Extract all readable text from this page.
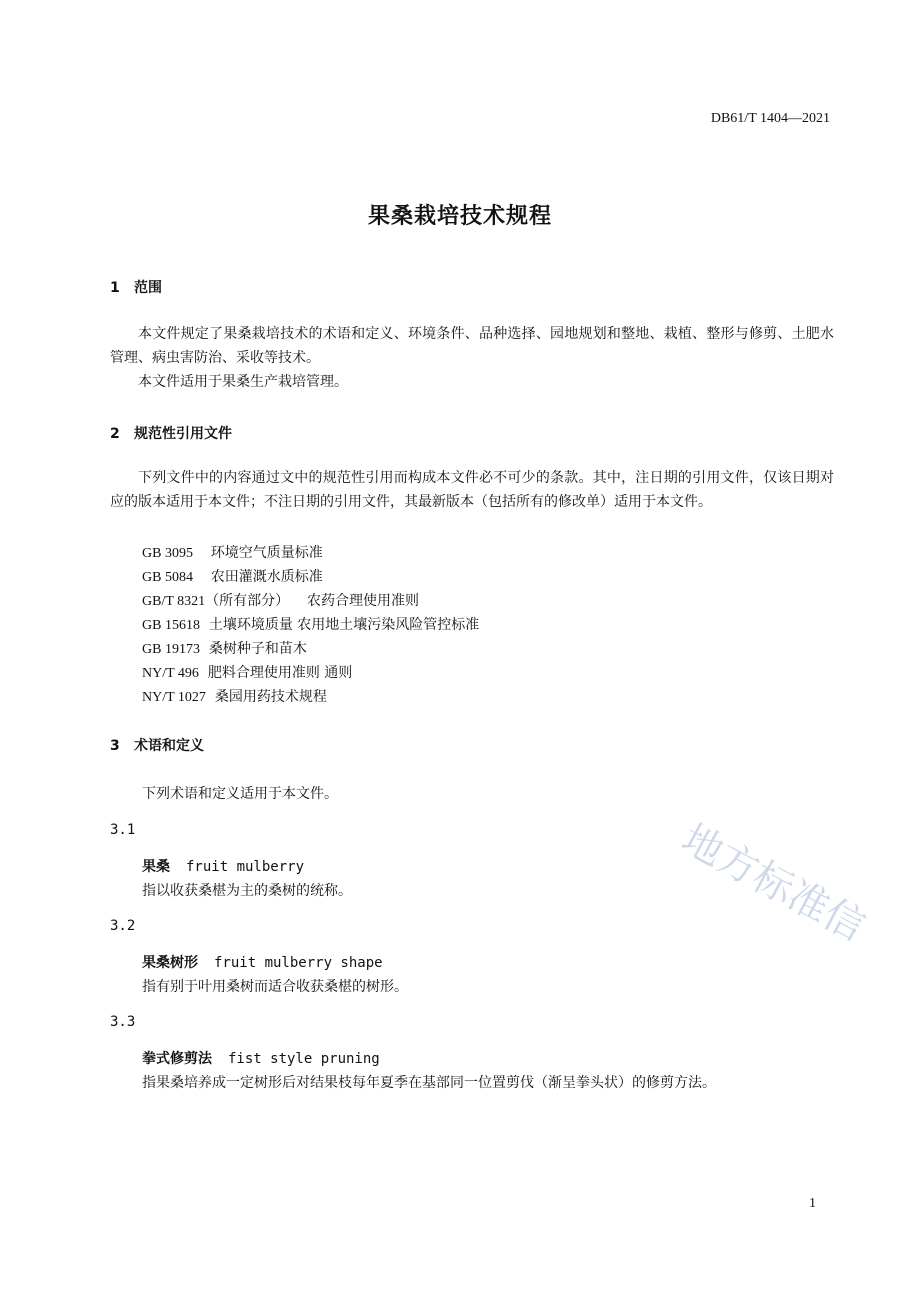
DB61/T 1404—2021
果桑栽培技术规程
1 范围
本文件规定了果桑栽培技术的术语和定义、环境条件、品种选择、园地规划和整地、栽植、整形与修剪、土肥水管理、病虫害防治、采收等技术。
本文件适用于果桑生产栽培管理。
2 规范性引用文件
下列文件中的内容通过文中的规范性引用而构成本文件必不可少的条款。其中，注日期的引用文件，仅该日期对应的版本适用于本文件；不注日期的引用文件，其最新版本（包括所有的修改单）适用于本文件。
GB 3095 环境空气质量标准
GB 5084 农田灌溉水质标准
GB/T 8321（所有部分） 农药合理使用准则
GB 15618 土壤环境质量 农用地土壤污染风险管控标准
GB 19173 桑树种子和苗木
NY/T 496 肥料合理使用准则 通则
NY/T 1027 桑园用药技术规程
3 术语和定义
下列术语和定义适用于本文件。
3.1
果桑 fruit mulberry
指以收获桑椹为主的桑树的统称。
3.2
果桑树形 fruit mulberry shape
指有别于叶用桑树而适合收获桑椹的树形。
3.3
拳式修剪法 fist style pruning
指果桑培养成一定树形后对结果枝每年夏季在基部同一位置剪伐（渐呈拳头状）的修剪方法。
地方标准信
1
